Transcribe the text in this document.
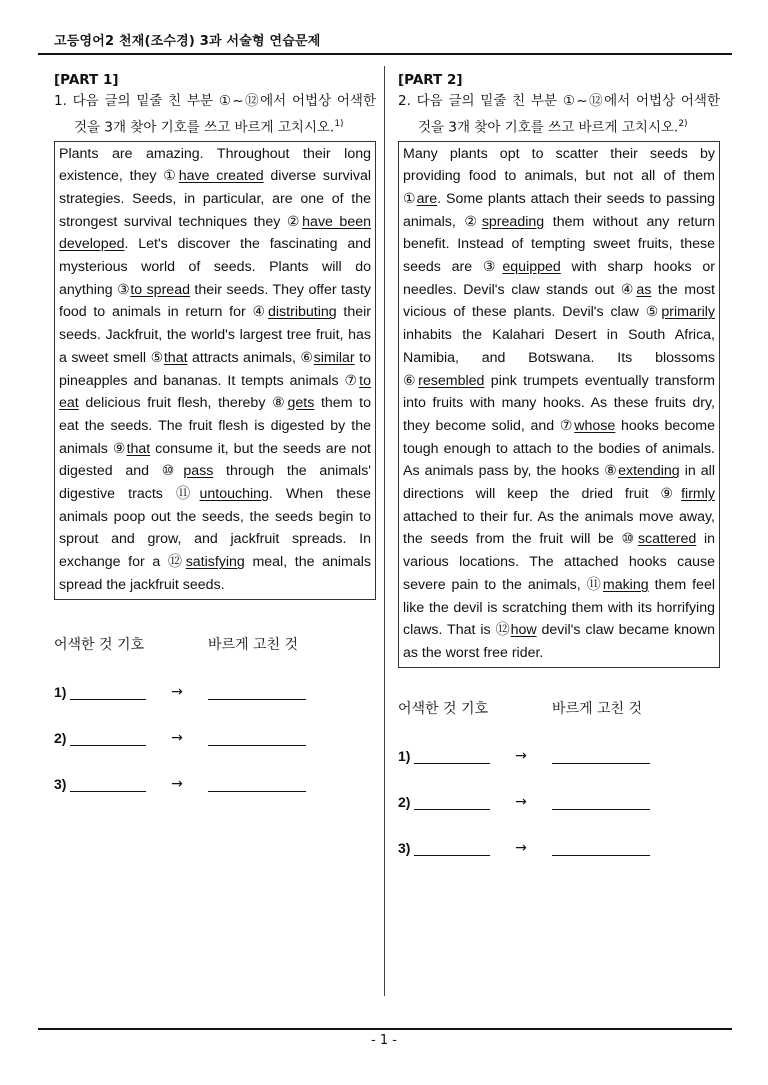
고등영어2 천재(조수경) 3과 서술형 연습문제
[PART 1]
1. 다음 글의 밑줄 친 부분 ①~⑫에서 어법상 어색한 것을 3개 찾아 기호를 쓰고 바르게 고치시오.$^{1)}$
Plants are amazing. Throughout their long existence, they ①have created diverse survival strategies. Seeds, in particular, are one of the strongest survival techniques they ②have been developed. Let's discover the fascinating and mysterious world of seeds. Plants will do anything ③to spread their seeds. They offer tasty food to animals in return for ④distributing their seeds. Jackfruit, the world's largest tree fruit, has a sweet smell ⑤that attracts animals, ⑥similar to pineapples and bananas. It tempts animals ⑦to eat delicious fruit flesh, thereby ⑧gets them to eat the seeds. The fruit flesh is digested by the animals ⑨that consume it, but the seeds are not digested and ⑩pass through the animals' digestive tracts ⑪untouching. When these animals poop out the seeds, the seeds begin to sprout and grow, and jackfruit spreads. In exchange for a ⑫satisfying meal, the animals spread the jackfruit seeds.
어색한 것 기호	바르게 고친 것
1)	→
2)	→
3)	→
[PART 2]
2. 다음 글의 밑줄 친 부분 ①~⑫에서 어법상 어색한 것을 3개 찾아 기호를 쓰고 바르게 고치시오.$^{2)}$
Many plants opt to scatter their seeds by providing food to animals, but not all of them ①are. Some plants attach their seeds to passing animals, ②spreading them without any return benefit. Instead of tempting sweet fruits, these seeds are ③equipped with sharp hooks or needles. Devil's claw stands out ④as the most vicious of these plants. Devil's claw ⑤primarily inhabits the Kalahari Desert in South Africa, Namibia, and Botswana. Its blossoms ⑥resembled pink trumpets eventually transform into fruits with many hooks. As these fruits dry, they become solid, and ⑦whose hooks become tough enough to attach to the bodies of animals. As animals pass by, the hooks ⑧extending in all directions will keep the dried fruit ⑨firmly attached to their fur. As the animals move away, the seeds from the fruit will be ⑩scattered in various locations. The attached hooks cause severe pain to the animals, ⑪making them feel like the devil is scratching them with its horrifying claws. That is ⑫how devil's claw became known as the worst free rider.
어색한 것 기호	바르게 고친 것
1)	→
2)	→
3)	→
- 1 -
